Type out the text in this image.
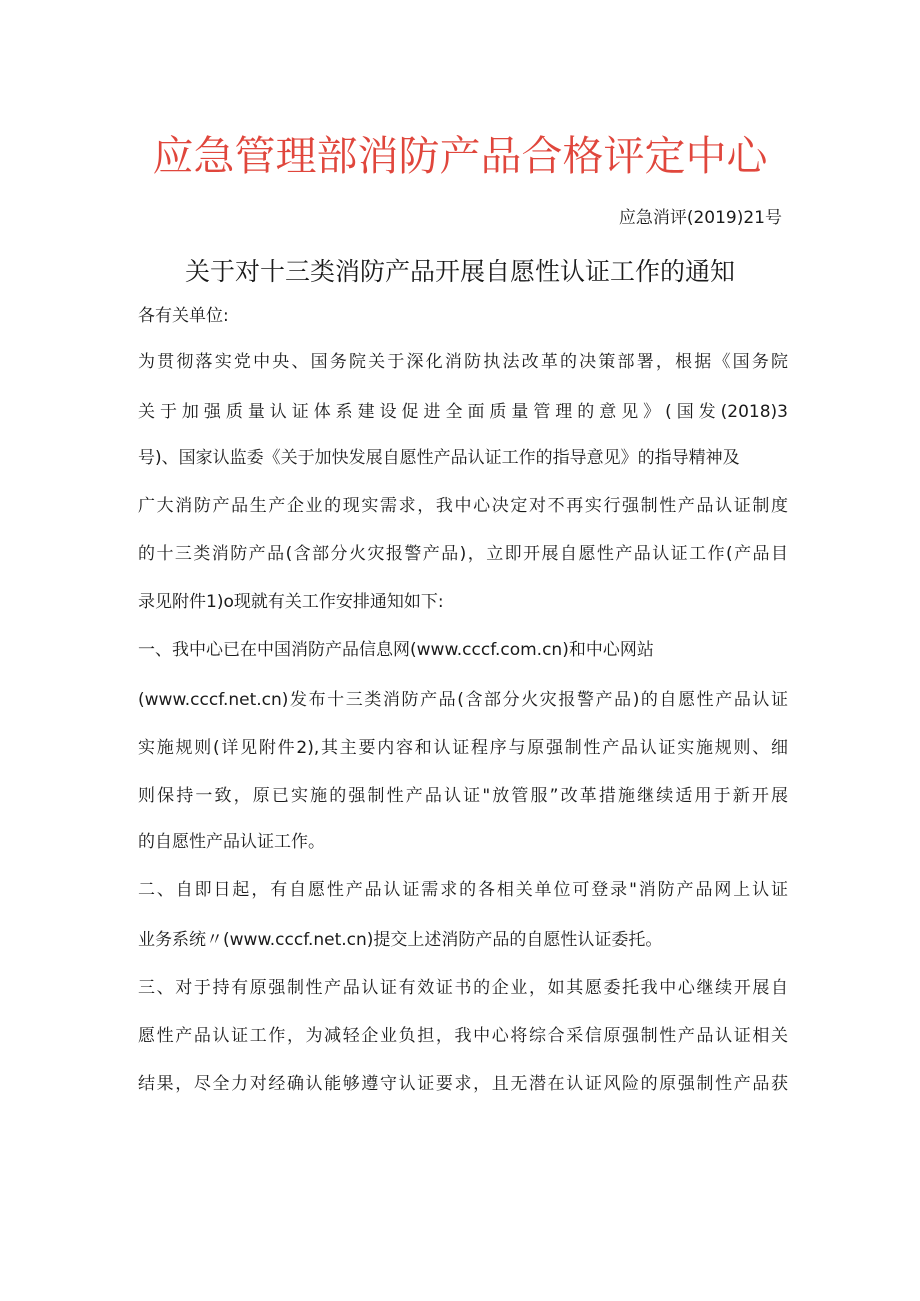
应急管理部消防产品合格评定中心
应急消评(2019)21号
关于对十三类消防产品开展自愿性认证工作的通知
各有关单位:
为贯彻落实党中央、国务院关于深化消防执法改革的决策部署，根据《国务院
关于加强质量认证体系建设促进全面质量管理的意见》(国发(2018)3
号)、国家认监委《关于加快发展自愿性产品认证工作的指导意见》的指导精神及
广大消防产品生产企业的现实需求，我中心决定对不再实行强制性产品认证制度
的十三类消防产品(含部分火灾报警产品)，立即开展自愿性产品认证工作(产品目
录见附件1)o现就有关工作安排通知如下:
一、我中心已在中国消防产品信息网(www.cccf.com.cn)和中心网站
(www.cccf.net.cn)发布十三类消防产品(含部分火灾报警产品)的自愿性产品认证
实施规则(详见附件2),其主要内容和认证程序与原强制性产品认证实施规则、细
则保持一致，原已实施的强制性产品认证"放管服”改革措施继续适用于新开展
的自愿性产品认证工作。
二、自即日起，有自愿性产品认证需求的各相关单位可登录"消防产品网上认证
业务系统〃(www.cccf.net.cn)提交上述消防产品的自愿性认证委托。
三、对于持有原强制性产品认证有效证书的企业，如其愿委托我中心继续开展自
愿性产品认证工作，为减轻企业负担，我中心将综合采信原强制性产品认证相关
结果，尽全力对经确认能够遵守认证要求，且无潜在认证风险的原强制性产品获
